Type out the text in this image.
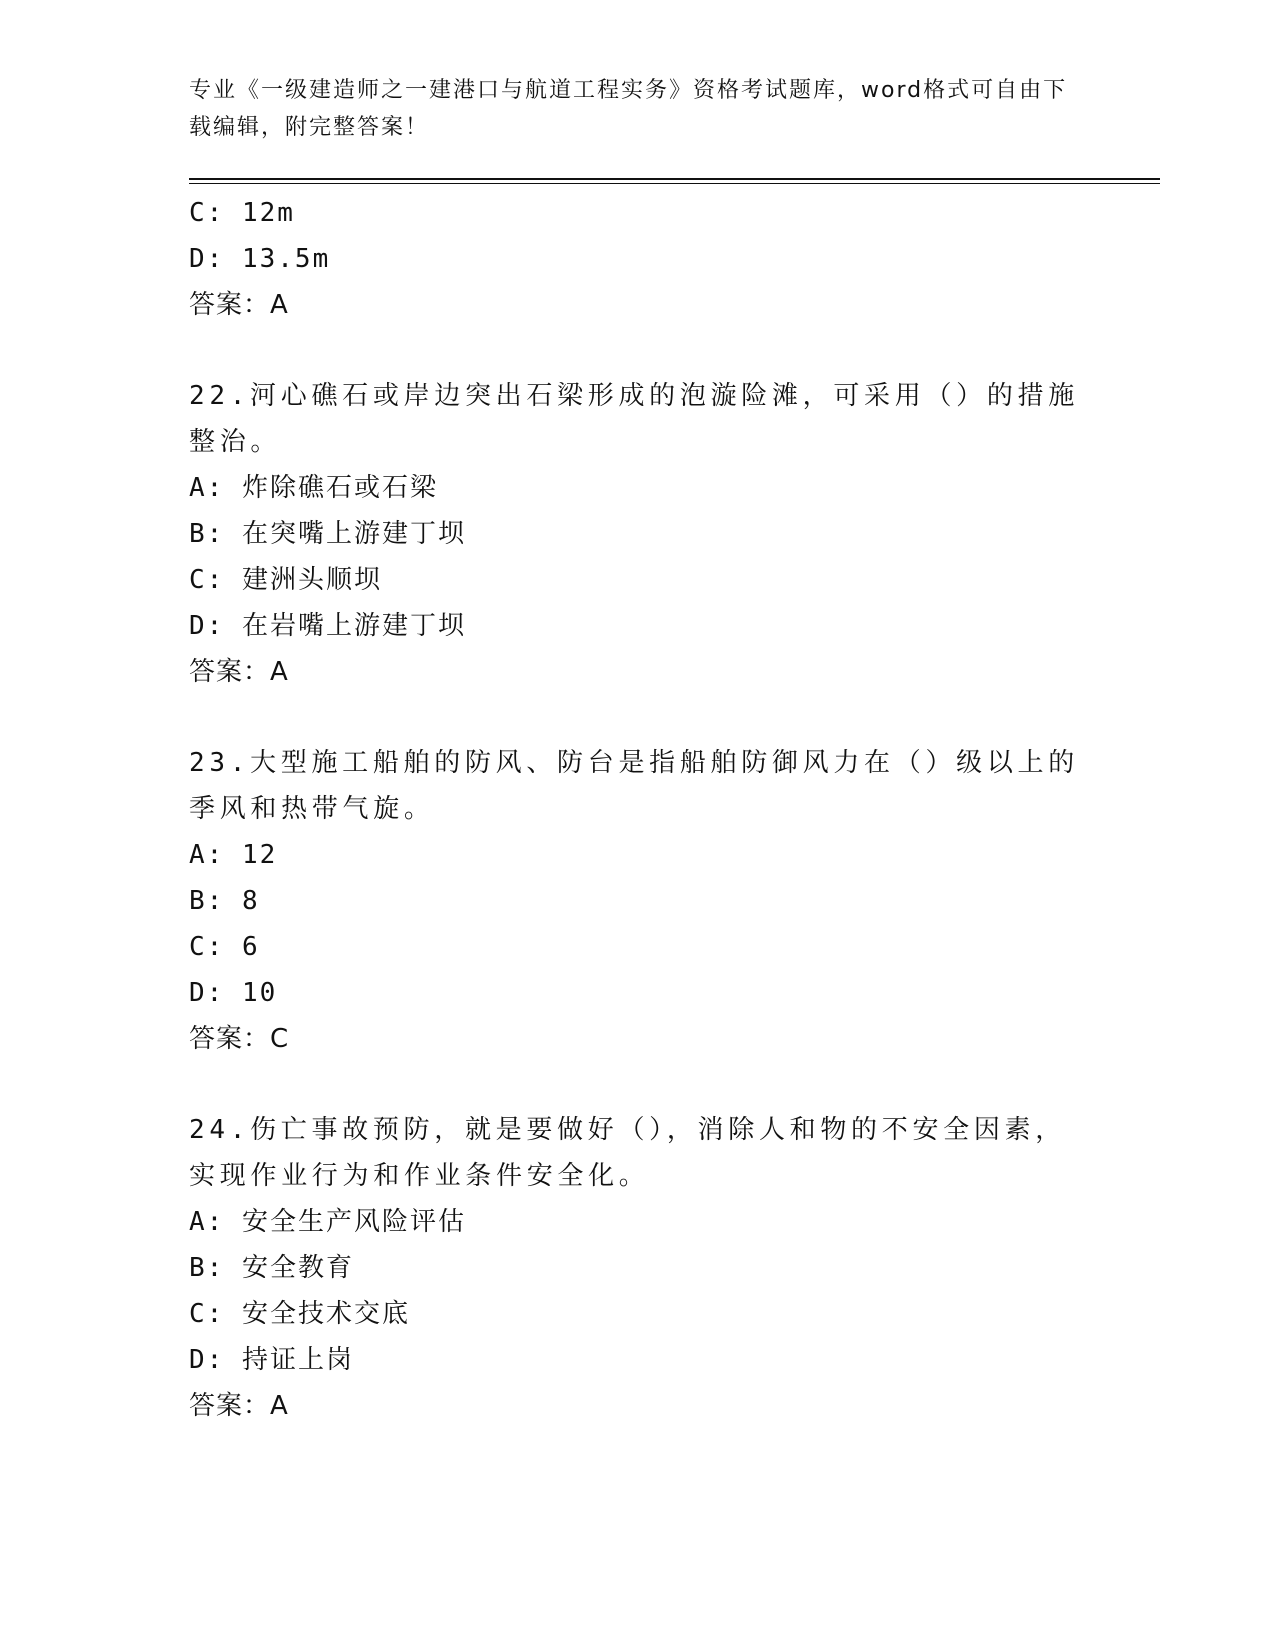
专业《一级建造师之一建港口与航道工程实务》资格考试题库，word格式可自由下载编辑，附完整答案！
C: 12m
D: 13.5m
答案：A
22.河心礁石或岸边突出石梁形成的泡漩险滩，可采用（）的措施整治。
A: 炸除礁石或石梁
B: 在突嘴上游建丁坝
C: 建洲头顺坝
D: 在岩嘴上游建丁坝
答案：A
23.大型施工船舶的防风、防台是指船舶防御风力在（）级以上的季风和热带气旋。
A: 12
B: 8
C: 6
D: 10
答案：C
24.伤亡事故预防，就是要做好（），消除人和物的不安全因素，实现作业行为和作业条件安全化。
A: 安全生产风险评估
B: 安全教育
C: 安全技术交底
D: 持证上岗
答案：A
